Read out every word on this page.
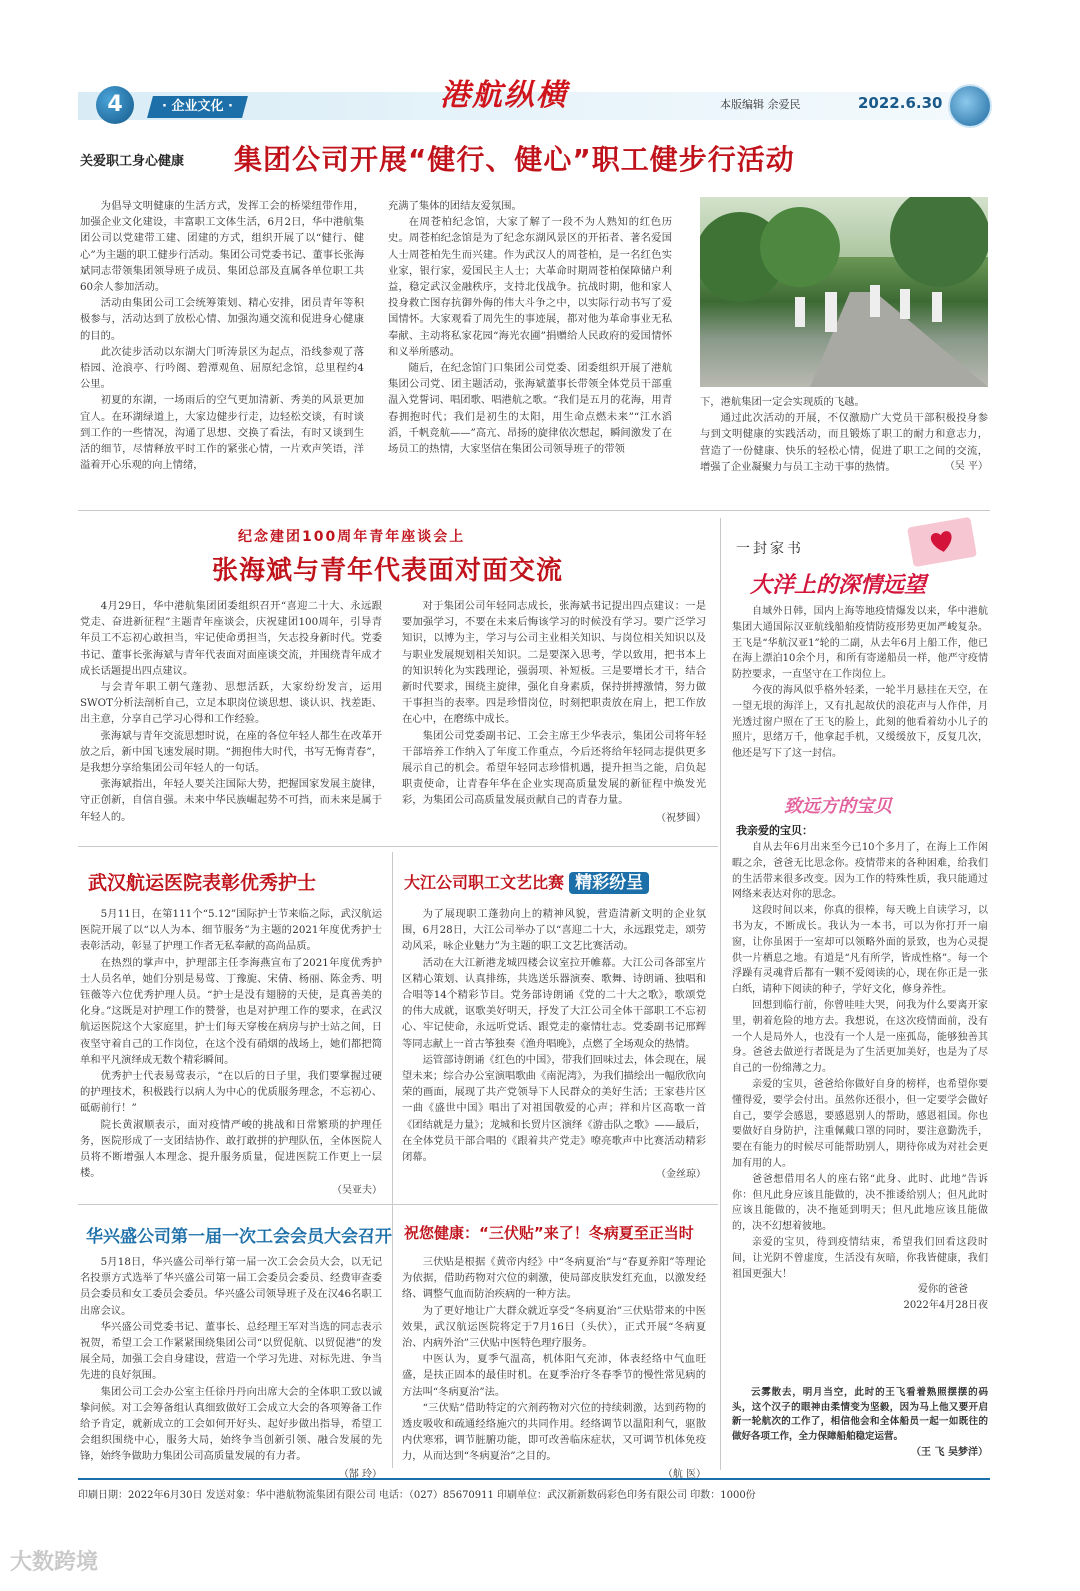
4	· 企业文化 ·	港航纵横	本版编辑 余爱民	2022.6.30
关爱职工身心健康 集团公司开展“健行、健心”职工健步行活动

为倡导文明健康的生活方式，发挥工会的桥梁纽带作用，加强企业文化建设，丰富职工文体生活，6月2日，华中港航集团公司以党建带工建、团建的方式，组织开展了以“健行、健心”为主题的职工健步行活动。集团公司党委书记、董事长张海斌同志带领集团领导班子成员、集团总部及直属各单位职工共60余人参加活动。

活动由集团公司工会统筹策划、精心安排，团员青年等积极参与，活动达到了放松心情、加强沟通交流和促进身心健康的目的。

此次徒步活动以东湖大门听涛景区为起点，沿线参观了落梧园、沧浪亭、行吟阁、碧潭观鱼、屈原纪念馆，总里程约4公里。

初夏的东湖，一场雨后的空气更加清新、秀美的风景更加宜人。在环湖绿道上，大家边健步行走，边轻松交谈，有时谈到工作的一些情况，沟通了思想、交换了看法，有时又谈到生活的细节，尽情释放平时工作的紧张心情，一片欢声笑语，洋溢着开心乐观的向上情绪，

充满了集体的团结友爱氛围。

在周苍柏纪念馆，大家了解了一段不为人熟知的红色历史。周苍柏纪念馆是为了纪念东湖风景区的开拓者、著名爱国人士周苍柏先生而兴建。作为武汉人的周苍柏，是一名红色实业家，银行家，爱国民主人士；大革命时期周苍柏保障储户利益，稳定武汉金融秩序，支持北伐战争。抗战时期，他和家人投身救亡图存抗御外侮的伟大斗争之中，以实际行动书写了爱国情怀。大家观看了周先生的事迹展，都对他为革命事业无私奉献、主动将私家花园“海光农圃”捐赠给人民政府的爱国情怀和义举所感动。

随后，在纪念馆门口集团公司党委、团委组织开展了港航集团公司党、团主题活动，张海斌董事长带领全体党员干部重温入党誓词、唱团歌、唱港航之歌。“我们是五月的花海，用青春拥抱时代；我们是初生的太阳，用生命点燃未来”“江水滔滔，千帆竞航——”高亢、昂扬的旋律依次想起，瞬间激发了在场员工的热情，大家坚信在集团公司领导班子的带领

下，港航集团一定会实现质的飞越。

通过此次活动的开展，不仅激励广大党员干部积极投身参与到文明健康的实践活动，而且锻炼了职工的耐力和意志力，营造了一份健康、快乐的轻松心情，促进了职工之间的交流，增强了企业凝聚力与员工主动干事的热情。	（吴 平）
纪念建团100周年青年座谈会上
张海斌与青年代表面对面交流

4月29日，华中港航集团团委组织召开“喜迎二十大、永远跟党走、奋进新征程”主题青年座谈会，庆祝建团100周年，引导青年员工不忘初心敢担当，牢记使命勇担当，矢志投身新时代。党委书记、董事长张海斌与青年代表面对面座谈交流，并围绕青年成才成长话题提出四点建议。

与会青年职工朝气蓬勃、思想活跃，大家纷纷发言，运用SWOT分析法剖析自己，立足本职岗位谈思想、谈认识、找差距、出主意，分享自己学习心得和工作经验。

张海斌与青年交流思想时说，在座的各位年轻人都生在改革开放之后，新中国飞速发展时期。“拥抱伟大时代，书写无悔青春”，是我想分享给集团公司年轻人的一句话。

张海斌指出，年轻人要关注国际大势，把握国家发展主旋律，守正创新，自信自强。未来中华民族崛起势不可挡，而未来是属于年轻人的。

对于集团公司年轻同志成长，张海斌书记提出四点建议：一是要加强学习，不要在未来后悔该学习的时候没有学习。要广泛学习知识，以博为主，学习与公司主业相关知识、与岗位相关知识以及与职业发展规划相关知识。二是要深入思考，学以致用，把书本上的知识转化为实践理论，强弱项、补短板。三是要增长才干，结合新时代要求，围绕主旋律，强化自身素质，保持拼搏激情，努力做干事担当的表率。四是珍惜岗位，时刻把职责放在肩上，把工作放在心中，在磨练中成长。

集团公司党委副书记、工会主席王少华表示，集团公司将年轻干部培养工作纳入了年度工作重点，今后还将给年轻同志提供更多展示自己的机会。希望年轻同志珍惜机遇，提升担当之能，启负起职责使命，让青春年华在企业实现高质量发展的新征程中焕发光彩，为集团公司高质量发展贡献自己的青春力量。

（祝梦圆）
武汉航运医院表彰优秀护士

5月11日，在第111个“5.12”国际护士节来临之际，武汉航运医院开展了以“以人为本、细节服务”为主题的2021年度优秀护士表彰活动，彰显了护理工作者无私奉献的高尚品质。

在热烈的掌声中，护理部主任李海燕宣布了2021年度优秀护士人员名单，她们分别是易莺、丁豫旎、宋倩、杨丽、陈金秀、明钰薇等六位优秀护理人员。“护士是没有翅膀的天使，是真善美的化身。”这既是对护理工作的赞誉，也是对护理工作的要求，在武汉航运医院这个大家庭里，护士们每天穿梭在病房与护士站之间，日夜坚守着自己的工作岗位，在这个没有硝烟的战场上，她们都把简单和平凡演绎成无数个精彩瞬间。

优秀护士代表易莺表示，“在以后的日子里，我们要掌握过硬的护理技术，积极践行以病人为中心的优质服务理念，不忘初心、砥砺前行！”

院长黄淑顺表示，面对疫情严峻的挑战和日常繁琐的护理任务，医院形成了一支团结协作、敢打敢拼的护理队伍，全体医院人员将不断增强人本理念、提升服务质量，促进医院工作更上一层楼。

（吴亚夫）
大江公司职工文艺比赛 精彩纷呈

为了展现职工蓬勃向上的精神风貌，营造清新文明的企业氛围，6月28日，大江公司举办了以“喜迎二十大，永远跟党走，颂劳动风采，咏企业魅力”为主题的职工文艺比赛活动。

活动在大江新港龙城四楼会议室拉开帷幕。大江公司各部室片区精心策划、认真排练，共选送乐器演奏、歌舞、诗朗诵、独唱和合唱等14个精彩节目。党务部诗朗诵《党的二十大之歌》，歌颂党的伟大成就，讴歌美好明天，抒发了大江公司全体干部职工不忘初心、牢记使命，永远听党话、跟党走的豪情壮志。党委副书记邢辉等同志献上一首古筝独奏《渔舟唱晚》，点燃了全场观众的热情。

运管部诗朗诵《红色的中国》，带我们回味过去，体会现在，展望未来；综合办公室演唱歌曲《南泥湾》，为我们描绘出一幅欣欣向荣的画面，展现了共产党领导下人民群众的美好生活；王家巷片区一曲《盛世中国》唱出了对祖国敬爱的心声；祥和片区高歌一首《团结就是力量》；龙城和长贸片区演绎《游击队之歌》——最后，在全体党员干部合唱的《跟着共产党走》嘹亮歌声中比赛活动精彩闭幕。

（金丝琼）
华兴盛公司第一届一次工会会员大会召开

5月18日，华兴盛公司举行第一届一次工会会员大会，以无记名投票方式选举了华兴盛公司第一届工会委员会委员、经费审查委员会委员和女工委员会委员。华兴盛公司领导班子及在汉46名职工出席会议。

华兴盛公司党委书记、董事长、总经理王军对当选的同志表示祝贺，希望工会工作紧紧围绕集团公司“以贸促航、以贸促港”的发展全局，加强工会自身建设，营造一个学习先进、对标先进、争当先进的良好氛围。

集团公司工会办公室主任徐丹丹向出席大会的全体职工致以诚挚问候。对工会筹备组认真细致做好工会成立大会的各项筹备工作给予肯定，就新成立的工会如何开好头、起好步做出指导，希望工会组织围绕中心，服务大局，始终争当创新引领、融合发展的先锋，始终争做助力集团公司高质量发展的有力者。

（郜 玲）
祝您健康：“三伏贴”来了！冬病夏至正当时

三伏贴是根据《黄帝内经》中“冬病夏治”与“春夏养阳”等理论为依据，借助药物对穴位的刺激，使局部皮肤发红充血，以激发经络、调整气血而防治疾病的一种方法。

为了更好地让广大群众就近享受“冬病夏治”三伏贴带来的中医效果，武汉航运医院将定于7月16日（头伏），正式开展“冬病夏治、内病外治”三伏贴中医特色理疗服务。

中医认为，夏季气温高，机体阳气充沛，体表经络中气血旺盛，是扶正固本的最佳时机。在夏季治疗冬春季节的慢性常见病的方法叫“冬病夏治”法。

“三伏贴”借助特定的穴剂药物对穴位的持续刺激，达到药物的透皮吸收和疏通经络施穴的共同作用。经络调节以温阳利气，驱散内伏寒邪，调节脏腑功能，即可改善临床症状，又可调节机体免疫力，从而达到“冬病夏治”之目的。

（航 医）
一封家书
大洋上的深情远望

自域外日韩，国内上海等地疫情爆发以来，华中港航集团大通国际汉亚航线船舶疫情防疫形势更加严峻复杂。王飞是“华航汉亚1”轮的二副，从去年6月上船工作，他已在海上漂泊10余个月，和所有寄递船员一样，他严守疫情防控要求，一直坚守在工作岗位上。

今夜的海风似乎格外轻柔，一轮半月悬挂在天空，在一望无垠的海洋上，又有扎起故伏的浪花声与人作伴，月光透过窗户照在了王飞的脸上，此刻的他看着幼小儿子的照片，思绪万千，他拿起手机，又缓缓放下，反复几次，他还是写下了这一封信。

致远方的宝贝
我亲爱的宝贝：

自从去年6月出来至今已10个多月了，在海上工作闲暇之余，爸爸无比思念你。疫情带来的各种困难，给我们的生活带来很多改变。因为工作的特殊性质，我只能通过网络来表达对你的思念。

这段时间以来，你真的很棒，每天晚上自读学习，以书为友，不断成长。我认为一本书，可以为你打开一扇窗，让你虽困于一室却可以领略外面的景致，也为心灵提供一片栖息之地。有道是“凡有所学，皆成性格”。每一个浮躁有灵魂背后都有一颗不爱阅读的心，现在你正是一张白纸，请种下阅读的种子，学好文化，修身养性。

回想到临行前，你曾哇哇大哭，问我为什么要离开家里，朝着危险的地方去。我想说，在这次疫情面前，没有一个人是局外人，也没有一个人是一座孤岛，能够独善其身。爸爸去做逆行者既是为了生活更加美好，也是为了尽自己的一份绵薄之力。

亲爱的宝贝，爸爸给你做好自身的榜样，也希望你要懂得爱，要学会付出。虽然你还很小，但一定要学会做好自己，要学会感恩，要感恩别人的帮助，感恩祖国。你也要做好自身防护，注重佩戴口罩的同时，要注意勤洗手，要在有能力的时候尽可能帮助别人，期待你成为对社会更加有用的人。

爸爸想借用名人的座右铭“此身、此时、此地”告诉你：但凡此身应该且能做的，决不推诿给别人；但凡此时应该且能做的，决不拖延到明天；但凡此地应该且能做的，决不幻想着彼地。

亲爱的宝贝，待到疫情结束，希望我们回看这段时间，让光阴不曾虚度，生活没有灰暗，你我皆健康，我们祖国更强大！

爱你的爸爸
2022年4月28日夜

云雾散去，明月当空，此时的王飞看着熟照摆摆的码头，这个汉子的眼神由柔情变为坚毅，因为马上他又要开启新一轮航次的工作了，相信他会和全体船员一起一如既往的做好各项工作，全力保障船舶稳定运营。

（王 飞 吴梦洋）
印刷日期：2022年6月30日 发送对象：华中港航物流集团有限公司 电话：（027）85670911 印刷单位：武汉新新数码彩色印务有限公司 印数：1000份
大数跨境
